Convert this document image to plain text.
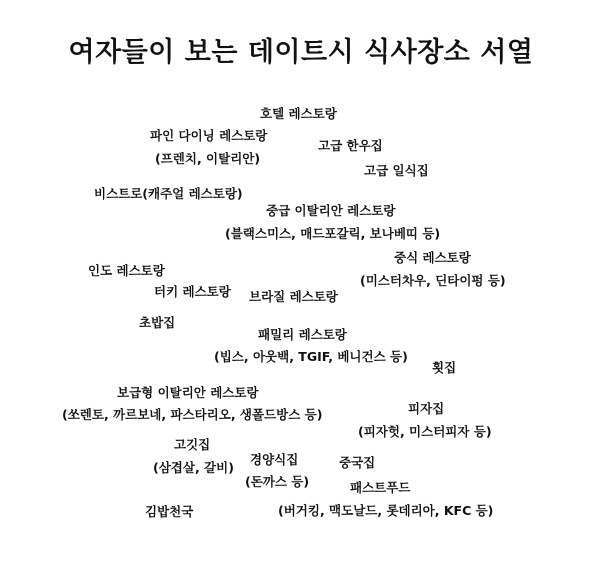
여자들이 보는 데이트시 식사장소 서열
호텔 레스토랑
파인 다이닝 레스토랑
(프렌치, 이탈리안)
고급 한우집
고급 일식집
비스트로(캐주얼 레스토랑)
중급 이탈리안 레스토랑
(블랙스미스, 매드포갈릭, 보나베띠 등)
중식 레스토랑
(미스터차우, 딘타이펑 등)
인도 레스토랑
터키 레스토랑 브라질 레스토랑
초밥집
패밀리 레스토랑
(빕스, 아웃백, TGIF, 베니건스 등)
횟집
보급형 이탈리안 레스토랑
(쏘렌토, 까르보네, 파스타리오, 생폴드방스 등)	피자집
(피자헛, 미스터피자 등)
고깃집
(삼겹살, 갈비)
경양식집
(돈까스 등)
중국집
패스트푸드
김밥천국	(버거킹, 맥도날드, 롯데리아, KFC 등)
